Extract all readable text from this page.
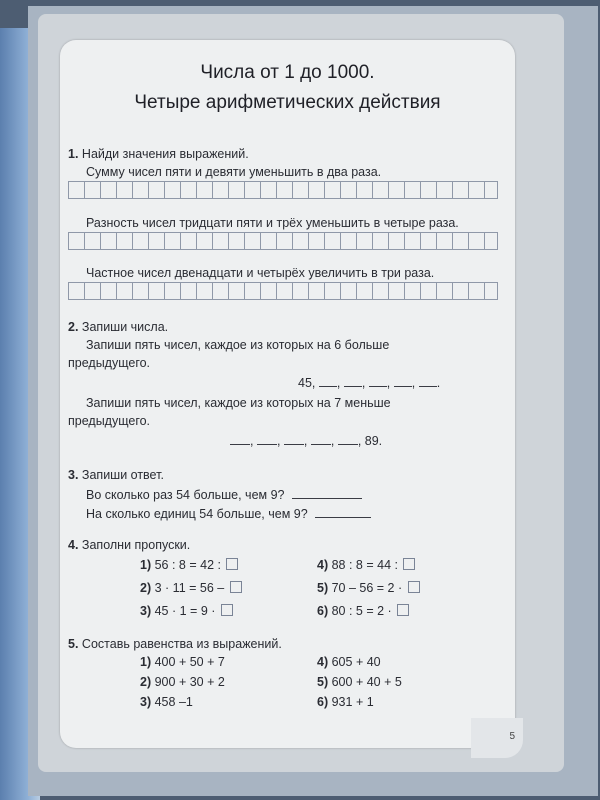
5
Числа от 1 до 1000.
Четыре арифметических действия
1. Найди значения выражений.
Сумму чисел пяти и девяти уменьшить в два раза.
Разность чисел тридцати пяти и трёх уменьшить в четыре раза.
Частное чисел двенадцати и четырёх увеличить в три раза.
2. Запиши числа.
Запиши пять чисел, каждое из которых на 6 больше
предыдущего.
45, , , , , .
Запиши пять чисел, каждое из которых на 7 меньше
предыдущего.
, , , , , 89.
3. Запиши ответ.
Во сколько раз 54 больше, чем 9?
На сколько единиц 54 больше, чем 9?
4. Заполни пропуски.
1) 56 : 8 = 42 :
2) 3 · 11 = 56 –
3) 45 · 1 = 9 ·
4) 88 : 8 = 44 :
5) 70 – 56 = 2 ·
6) 80 : 5 = 2 ·
5. Составь равенства из выражений.
1) 400 + 50 + 7
2) 900 + 30 + 2
3) 458 –1
4) 605 + 40
5) 600 + 40 + 5
6) 931 + 1
